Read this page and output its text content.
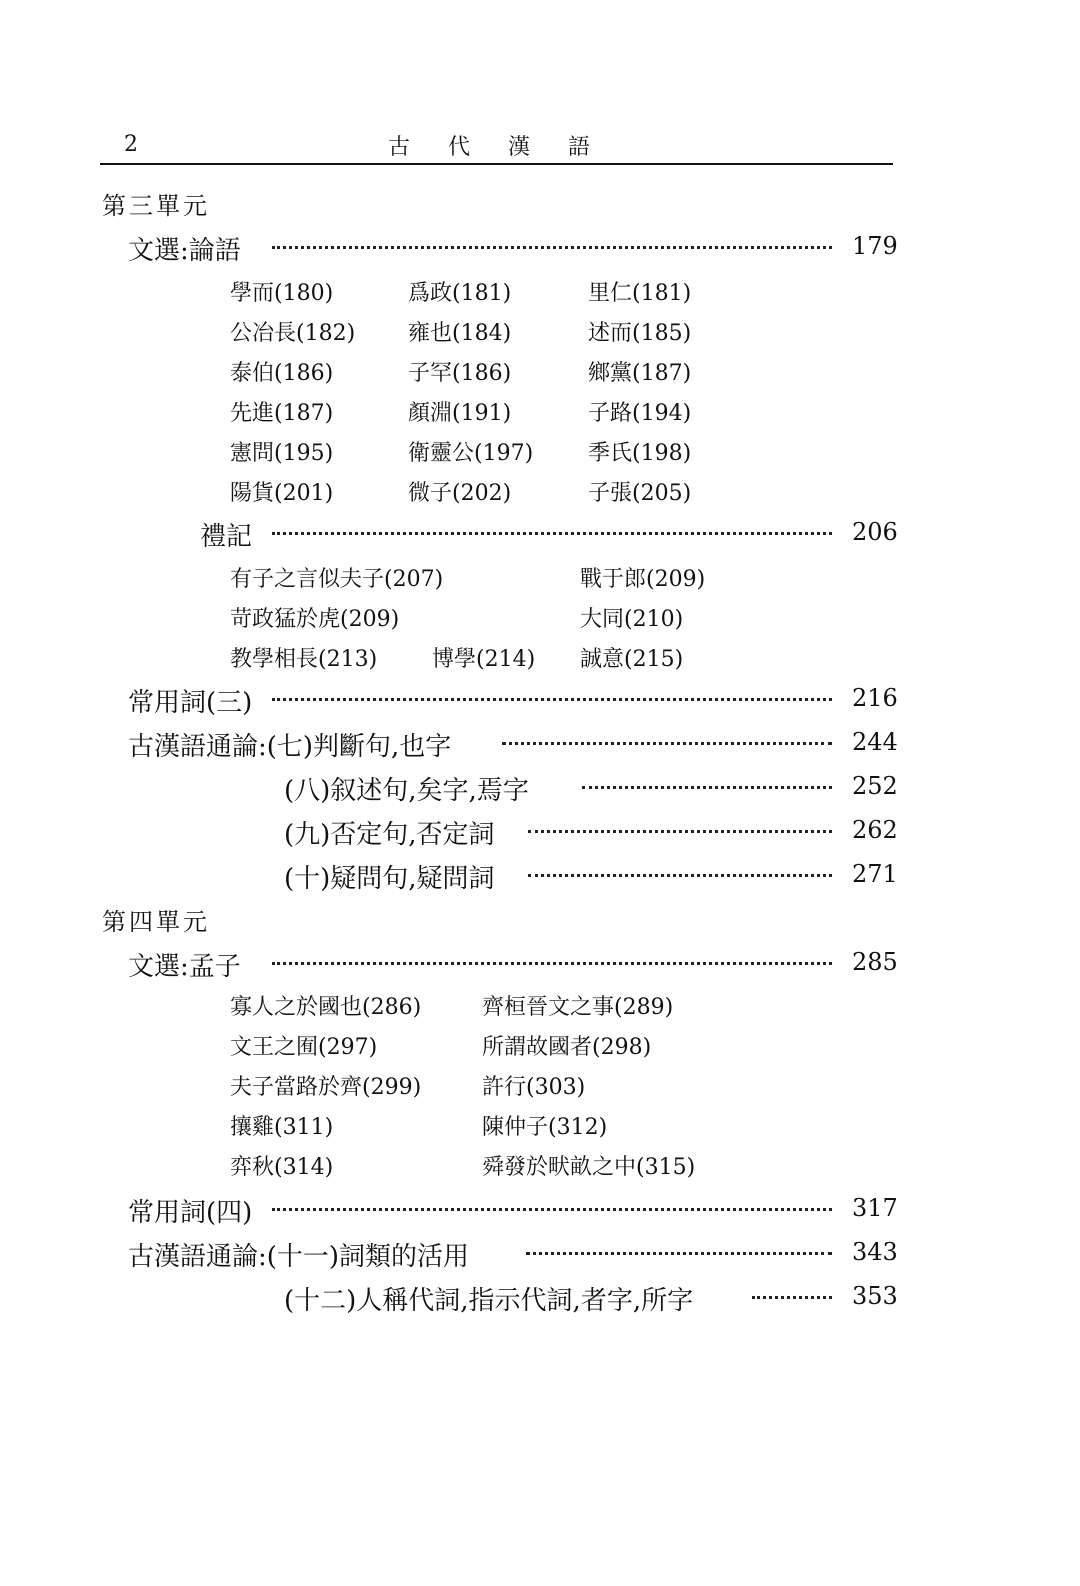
2	古代漢語
第三單元
文選:論語	179
學而(180)	爲政(181)	里仁(181)
公冶長(182) 雍也(184)	述而(185)
泰伯(186)	子罕(186)	鄉黨(187)
先進(187)	顏淵(191)	子路(194)
憲問(195)	衛靈公(197) 季氏(198)
陽貨(201)	微子(202)	子張(205)
禮記	206
有子之言似夫子(207)	戰于郎(209)
苛政猛於虎(209)	大同(210)
教學相長(213) 博學(214) 誠意(215)
常用詞(三)	216
古漢語通論:(七)判斷句,也字	244
(八)叙述句,矣字,焉字	252
(九)否定句,否定詞	262
(十)疑問句,疑問詞	271
第四單元
文選:孟子	285
寡人之於國也(286)	齊桓晉文之事(289)
文王之囿(297)	所謂故國者(298)
夫子當路於齊(299)	許行(303)
攘雞(311)	陳仲子(312)
弈秋(314)	舜發於畎畝之中(315)
常用詞(四)	317
古漢語通論:(十一)詞類的活用	343
(十二)人稱代詞,指示代詞,者字,所字	353
